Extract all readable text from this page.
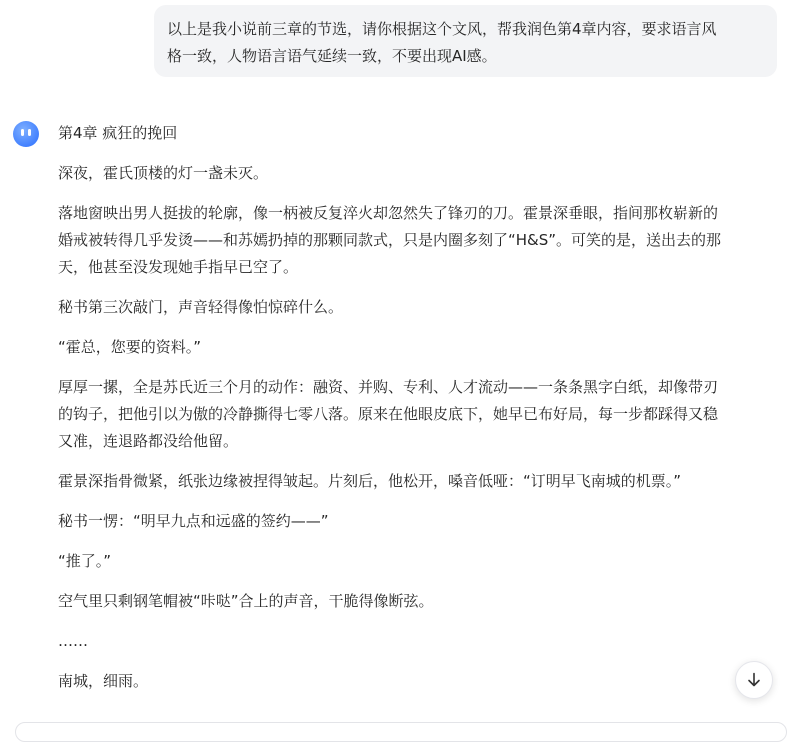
以上是我小说前三章的节选，请你根据这个文风，帮我润色第4章内容，要求语言风
格一致，人物语言语气延续一致，不要出现AI感。
第4章 疯狂的挽回
深夜，霍氏顶楼的灯一盏未灭。
落地窗映出男人挺拔的轮廓，像一柄被反复淬火却忽然失了锋刃的刀。霍景深垂眼，指间那枚崭新的
婚戒被转得几乎发烫——和苏嫣扔掉的那颗同款式，只是内圈多刻了“H&S”。可笑的是，送出去的那
天，他甚至没发现她手指早已空了。
秘书第三次敲门，声音轻得像怕惊碎什么。
“霍总，您要的资料。”
厚厚一摞，全是苏氏近三个月的动作：融资、并购、专利、人才流动——一条条黑字白纸，却像带刃
的钩子，把他引以为傲的冷静撕得七零八落。原来在他眼皮底下，她早已布好局，每一步都踩得又稳
又准，连退路都没给他留。
霍景深指骨微紧，纸张边缘被捏得皱起。片刻后，他松开，嗓音低哑：“订明早飞南城的机票。”
秘书一愣：“明早九点和远盛的签约——”
“推了。”
空气里只剩钢笔帽被“咔哒”合上的声音，干脆得像断弦。
……
南城，细雨。
